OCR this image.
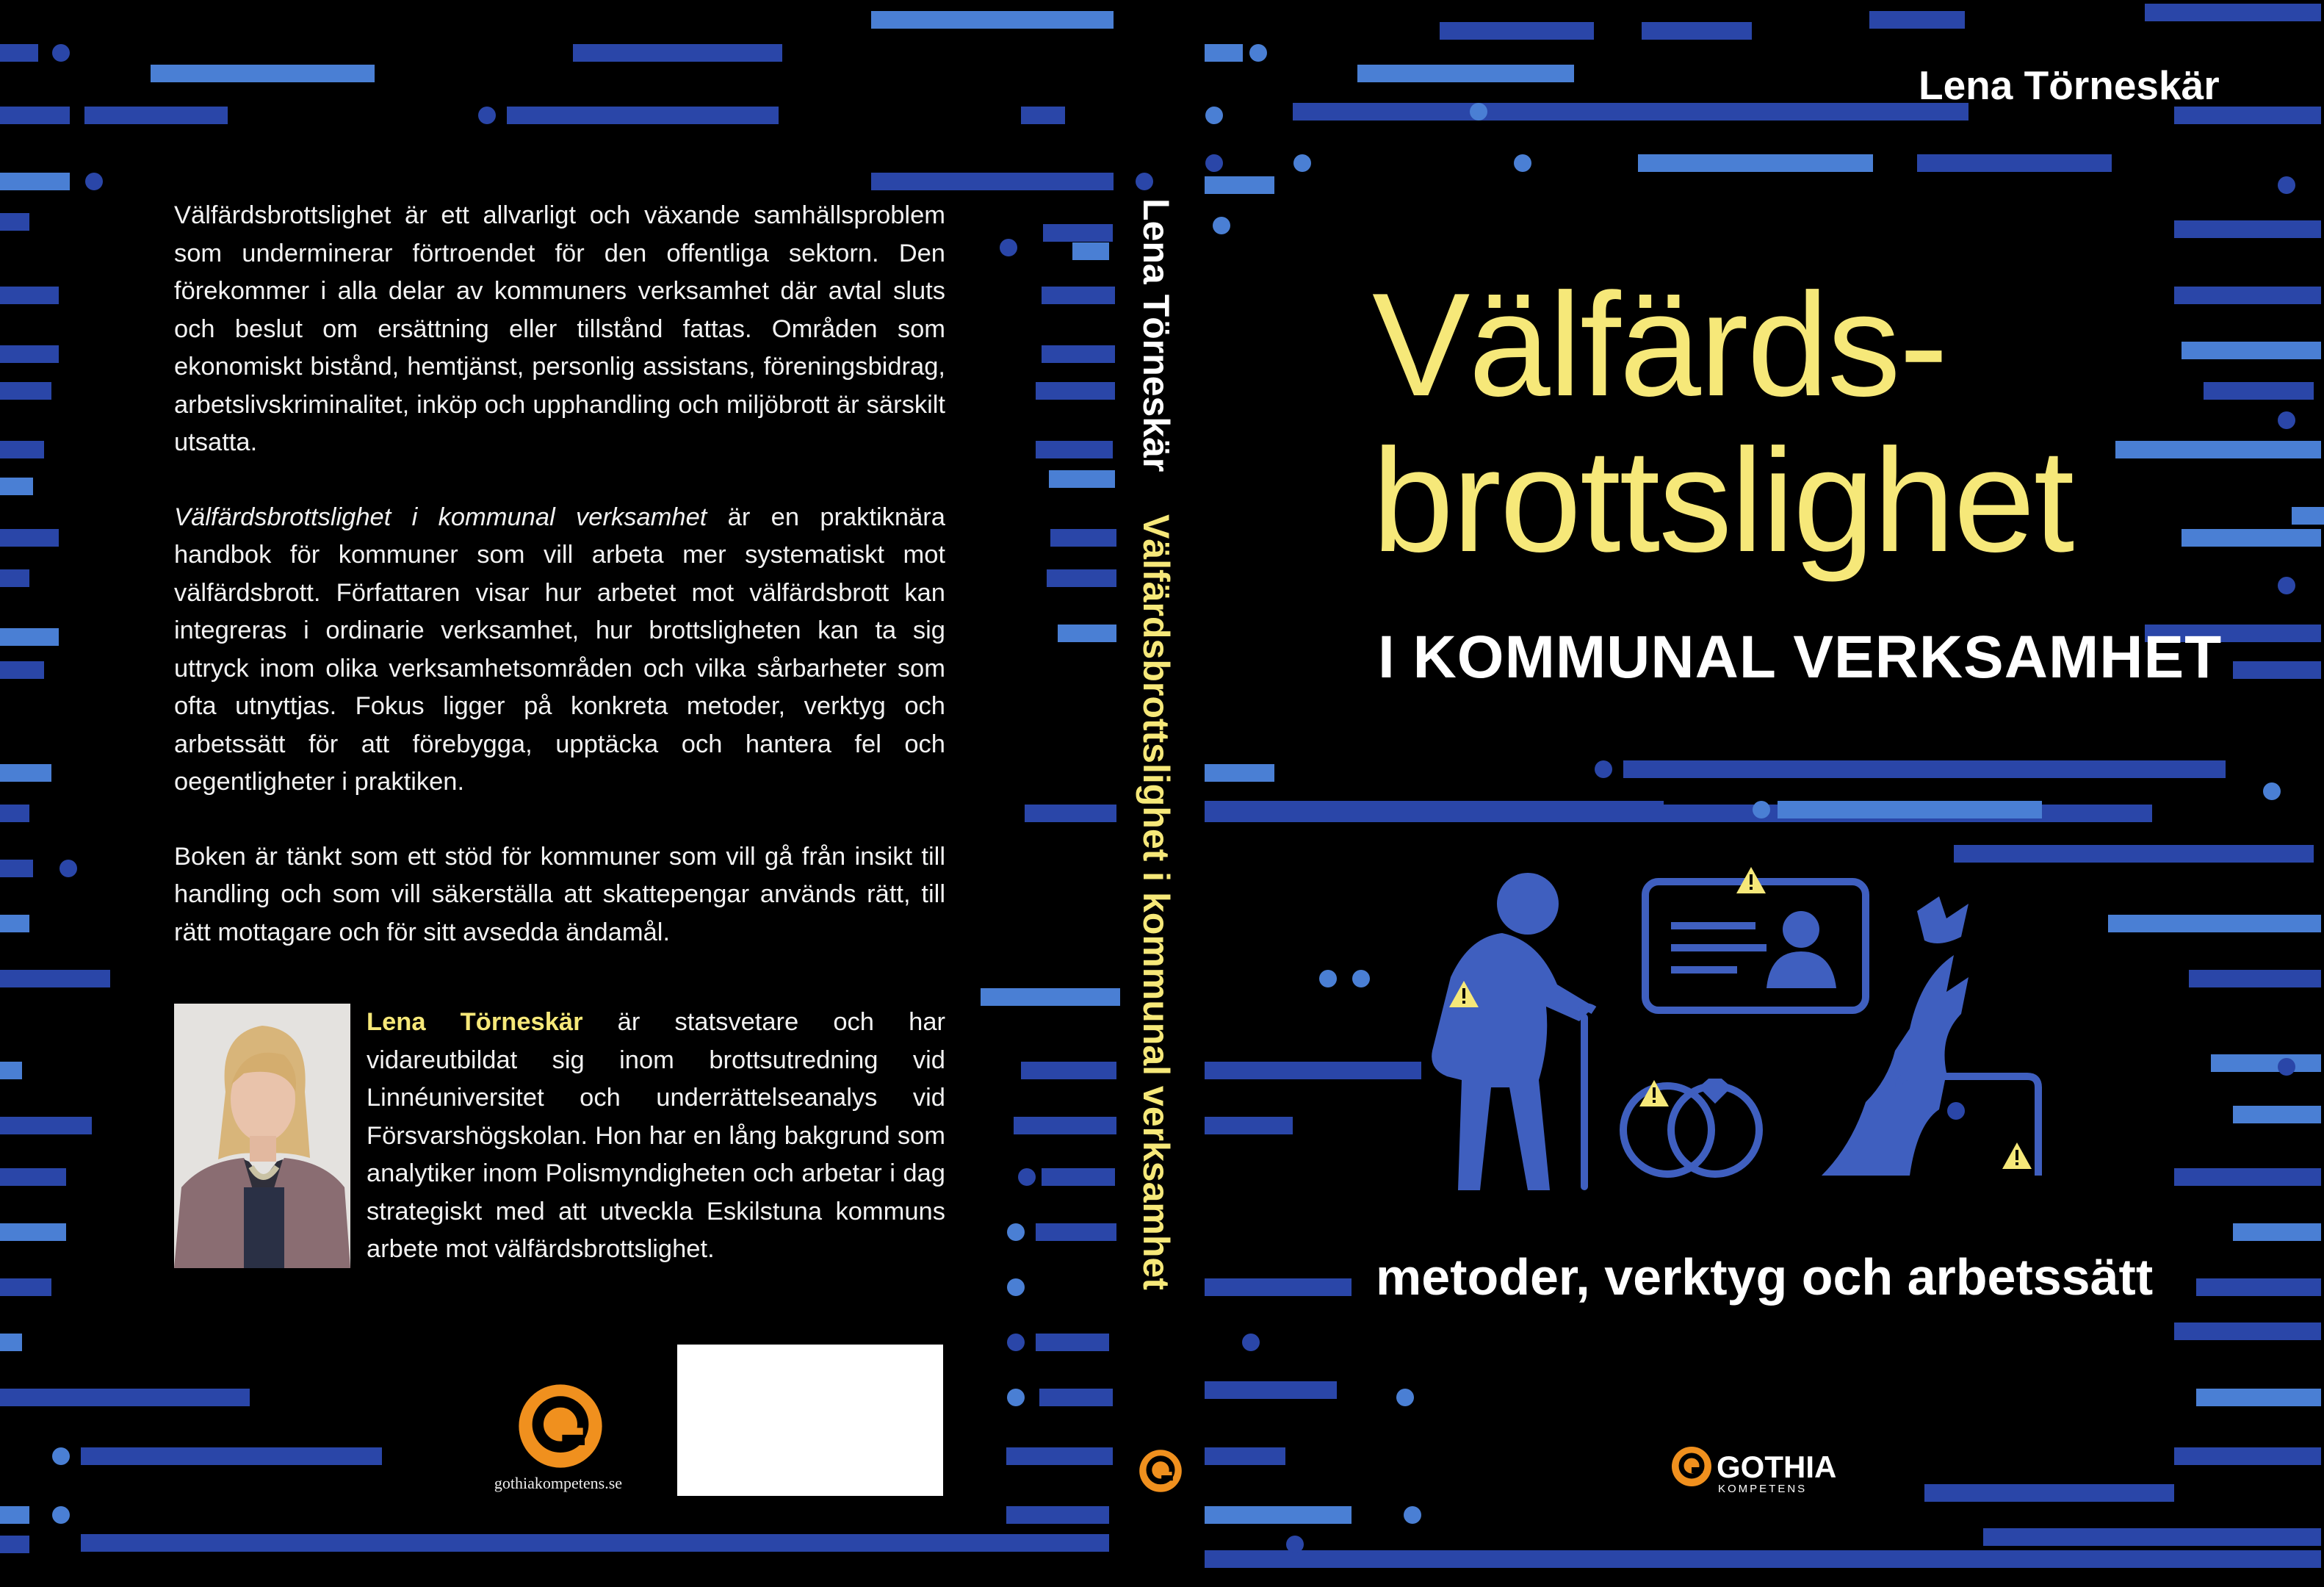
Välfärdsbrottslighet är ett allvarligt och växande samhällsproblem som underminerar förtroendet för den offentliga sektorn. Den förekommer i alla delar av kommuners verksamhet där avtal sluts och beslut om ersättning eller tillstånd fattas. Områden som ekonomiskt bistånd, hemtjänst, personlig assistans, föreningsbidrag, arbetslivskriminalitet, inköp och upphandling och miljöbrott är särskilt utsatta.

Välfärdsbrottslighet i kommunal verksamhet är en praktiknära handbok för kommuner som vill arbeta mer systematiskt mot välfärdsbrott. Författaren visar hur arbetet mot välfärdsbrott kan integreras i ordinarie verksamhet, hur brottsligheten kan ta sig uttryck inom olika verksamhetsområden och vilka sårbarheter som ofta utnyttjas. Fokus ligger på konkreta metoder, verktyg och arbetssätt för att förebygga, upptäcka och hantera fel och oegentligheter i praktiken.

Boken är tänkt som ett stöd för kommuner som vill gå från insikt till handling och som vill säkerställa att skattepengar används rätt, till rätt mottagare och för sitt avsedda ändamål.

Lena Törneskär är statsvetare och har vidareutbildat sig inom brottsutredning vid Linnéuniversitet och underrättelseanalys vid Försvarshögskolan. Hon har en lång bakgrund som analytiker inom Polismyndigheten och arbetar i dag strategiskt med att utveckla Eskilstuna kommuns arbete mot välfärdsbrottslighet.
gothiakompetens.se
Lena Törneskär
Välfärdsbrottslighet i kommunal verksamhet
Lena Törneskär
Välfärds-
brottslighet
I KOMMUNAL VERKSAMHET
metoder, verktyg och arbetssätt
GOTHIA
KOMPETENS
